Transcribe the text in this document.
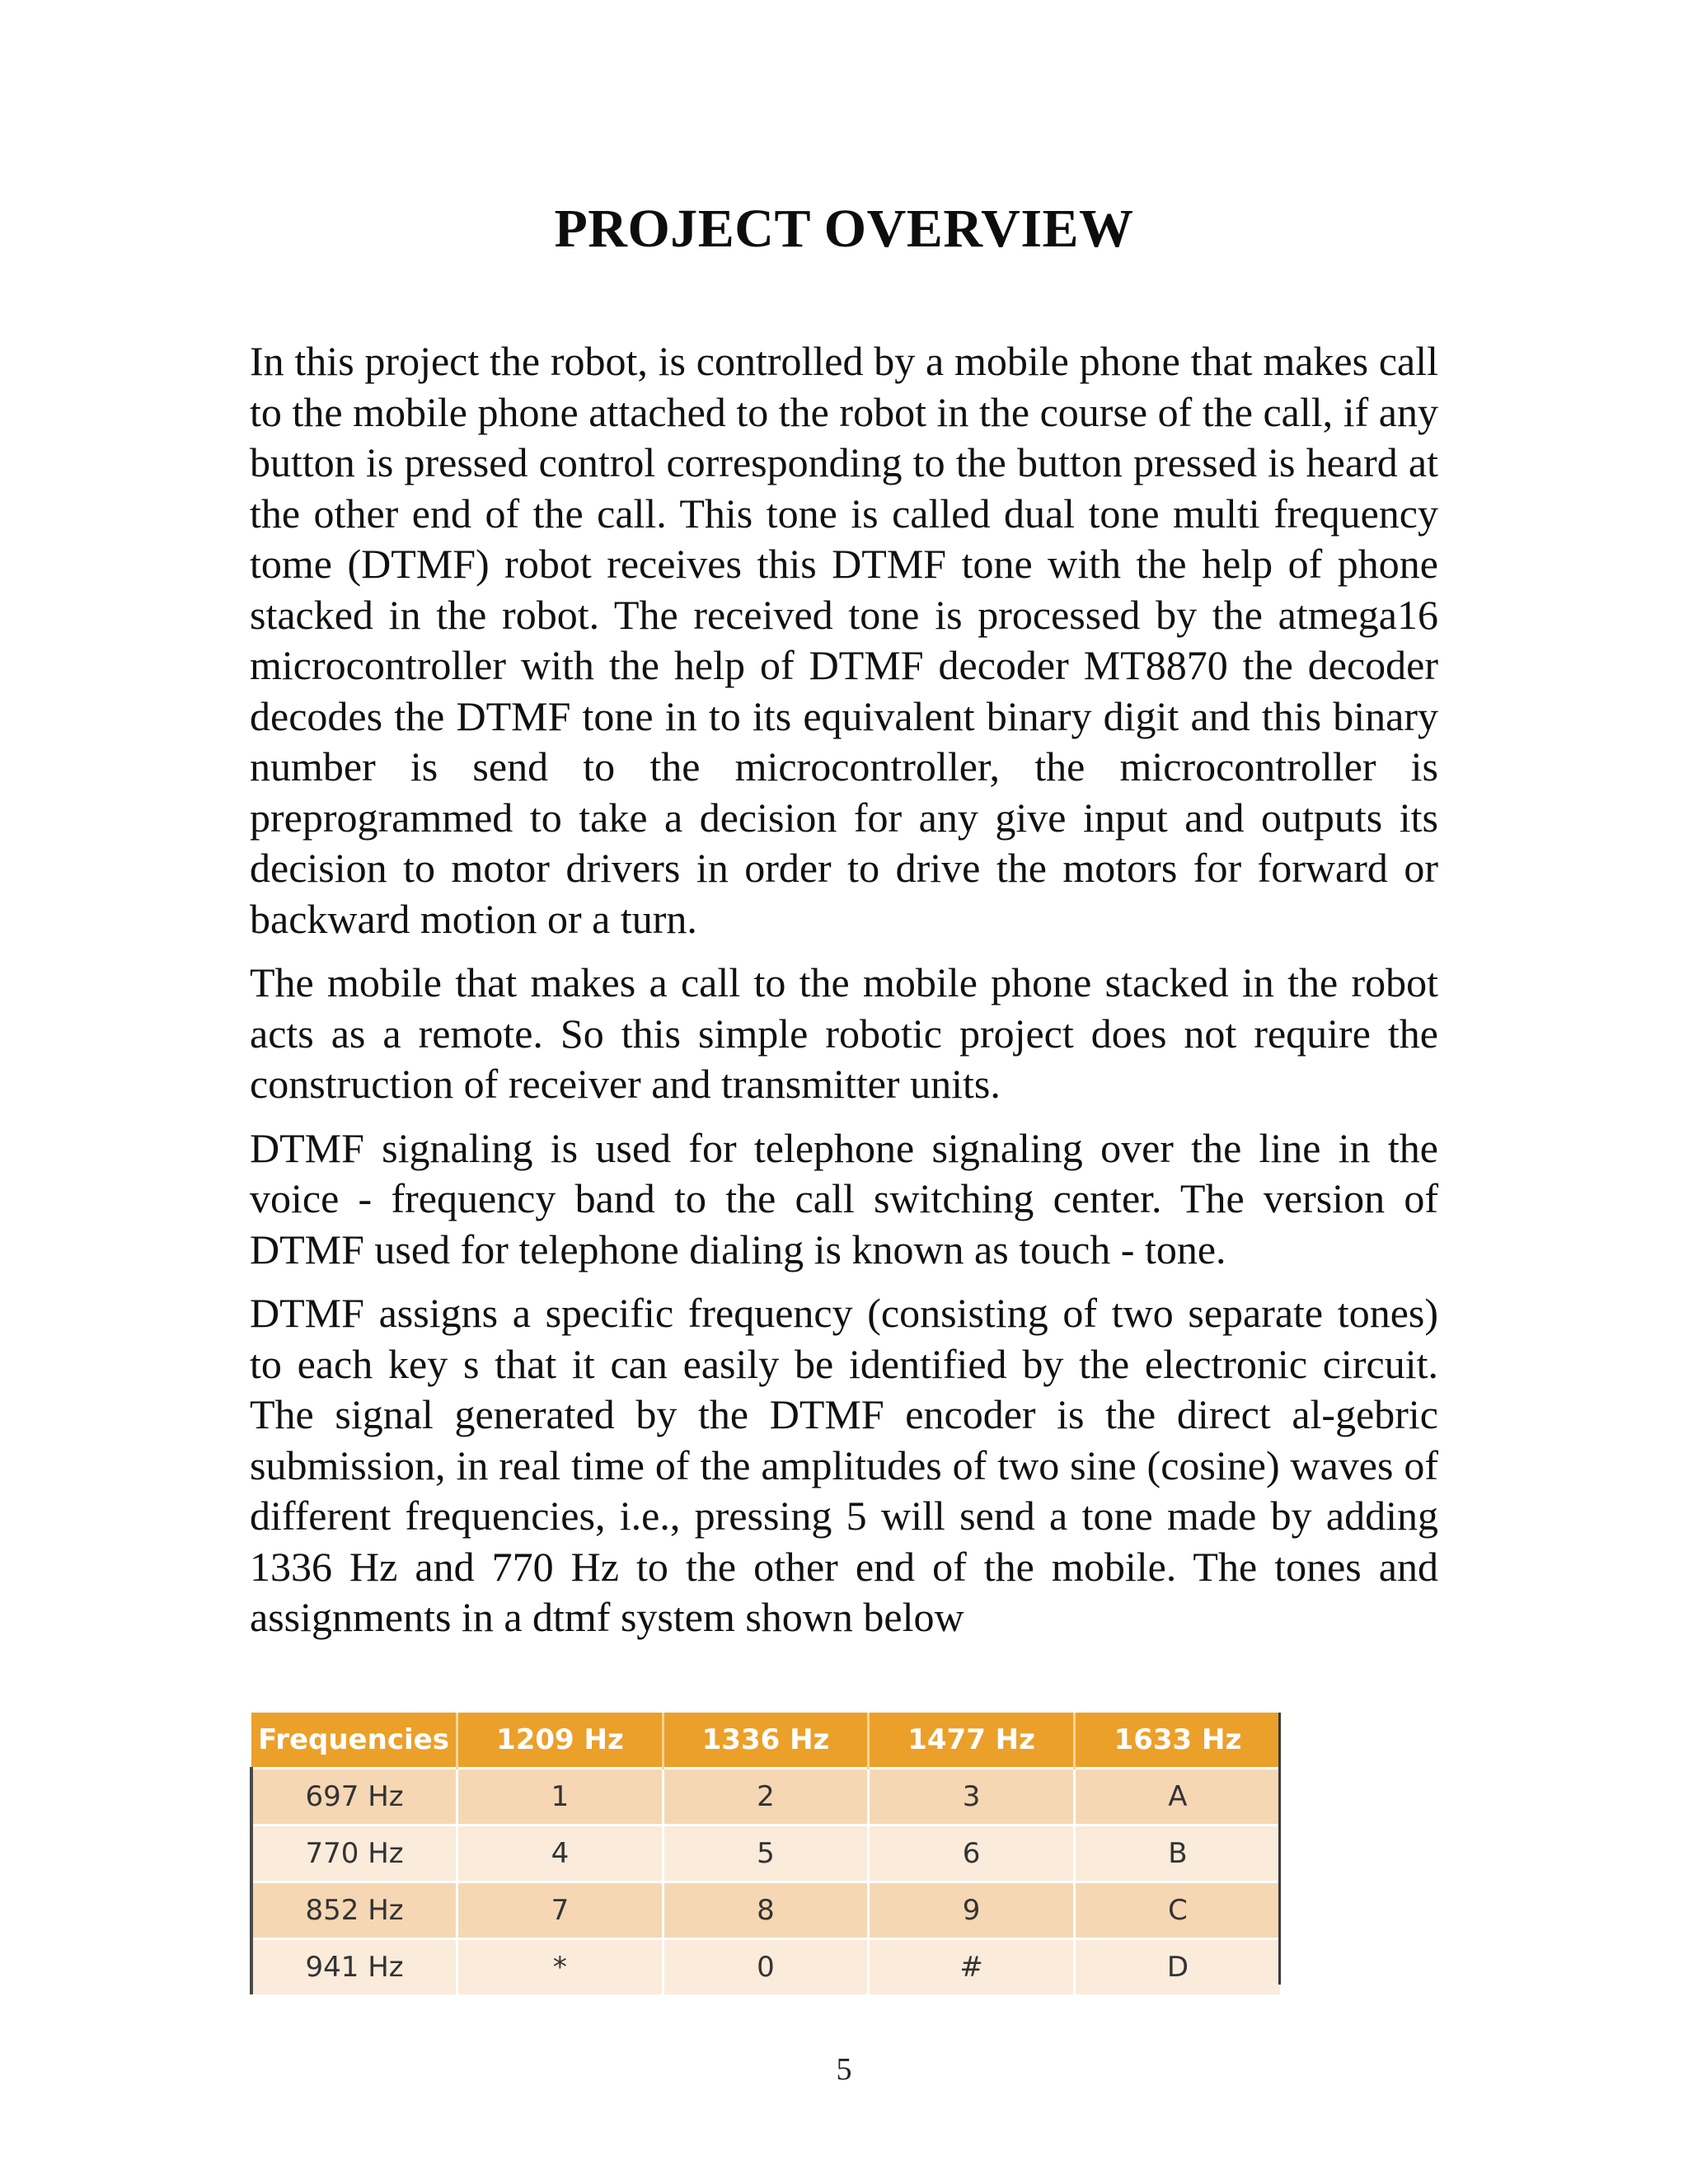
PROJECT OVERVIEW

In this project the robot, is controlled by a mobile phone that makes call to the mobile phone attached to the robot in the course of the call, if any button is pressed control corresponding to the button pressed is heard at the other end of the call. This tone is called dual tone multi frequency tome (DTMF) robot receives this DTMF tone with the help of phone stacked in the robot. The received tone is processed by the atmega16 microcontroller with the help of DTMF decoder MT8870 the decoder decodes the DTMF tone in to its equivalent binary digit and this binary number is send to the microcontroller, the microcontroller is preprogrammed to take a decision for any give input and outputs its decision to motor drivers in order to drive the motors for forward or backward motion or a turn.

The mobile that makes a call to the mobile phone stacked in the robot acts as a remote. So this simple robotic project does not require the construction of receiver and transmitter units.

DTMF signaling is used for telephone signaling over the line in the voice - frequency band to the call switching center. The version of DTMF used for telephone dialing is known as touch - tone.

DTMF assigns a specific frequency (consisting of two separate tones) to each key s that it can easily be identified by the electronic circuit. The signal generated by the DTMF encoder is the direct al-gebric submission, in real time of the amplitudes of two sine (cosine) waves of different frequencies, i.e., pressing 5 will send a tone made by adding 1336 Hz and 770 Hz to the other end of the mobile. The tones and assignments in a dtmf system shown below

Frequencies	1209 Hz	1336 Hz	1477 Hz	1633 Hz
697 Hz	1	2	3	A
770 Hz	4	5	6	B
852 Hz	7	8	9	C
941 Hz	*	0	#	D
5
